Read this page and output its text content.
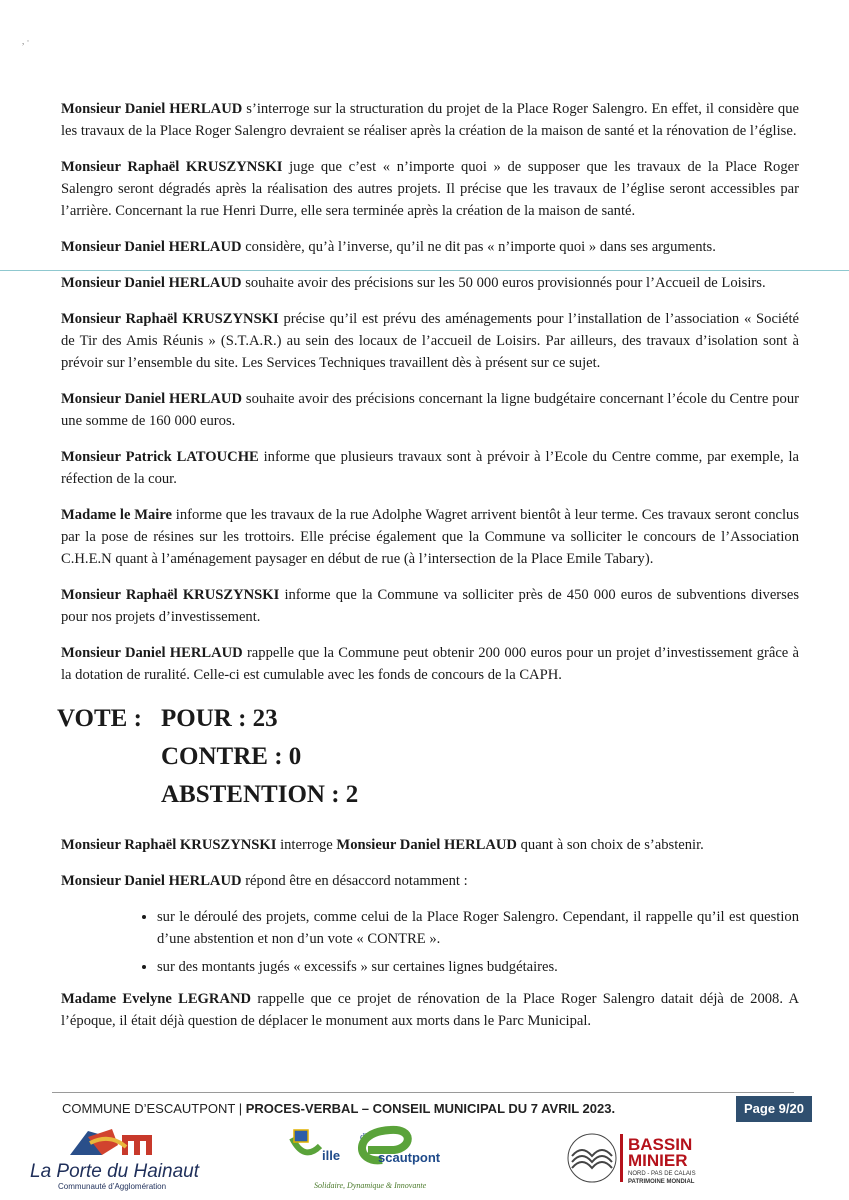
, ·

Monsieur Daniel HERLAUD s’interroge sur la structuration du projet de la Place Roger Salengro. En effet, il considère que les travaux de la Place Roger Salengro devraient se réaliser après la création de la maison de santé et la rénovation de l’église.

Monsieur Raphaël KRUSZYNSKI juge que c’est « n’importe quoi » de supposer que les travaux de la Place Roger Salengro seront dégradés après la réalisation des autres projets. Il précise que les travaux de l’église seront accessibles par l’arrière. Concernant la rue Henri Durre, elle sera terminée après la création de la maison de santé.

Monsieur Daniel HERLAUD considère, qu’à l’inverse, qu’il ne dit pas « n’importe quoi » dans ses arguments.

Monsieur Daniel HERLAUD souhaite avoir des précisions sur les 50 000 euros provisionnés pour l’Accueil de Loisirs.

Monsieur Raphaël KRUSZYNSKI précise qu’il est prévu des aménagements pour l’installation de l’association « Société de Tir des Amis Réunis » (S.T.A.R.) au sein des locaux de l’accueil de Loisirs. Par ailleurs, des travaux d’isolation sont à prévoir sur l’ensemble du site. Les Services Techniques travaillent dès à présent sur ce sujet.

Monsieur Daniel HERLAUD souhaite avoir des précisions concernant la ligne budgétaire concernant l’école du Centre pour une somme de 160 000 euros.

Monsieur Patrick LATOUCHE informe que plusieurs travaux sont à prévoir à l’Ecole du Centre comme, par exemple, la réfection de la cour.

Madame le Maire informe que les travaux de la rue Adolphe Wagret arrivent bientôt à leur terme. Ces travaux seront conclus par la pose de résines sur les trottoirs. Elle précise également que la Commune va solliciter le concours de l’Association C.H.E.N quant à l’aménagement paysager en début de rue (à l’intersection de la Place Emile Tabary).

Monsieur Raphaël KRUSZYNSKI informe que la Commune va solliciter près de 450 000 euros de subventions diverses pour nos projets d’investissement.

Monsieur Daniel HERLAUD rappelle que la Commune peut obtenir 200 000 euros pour un projet d’investissement grâce à la dotation de ruralité. Celle-ci est cumulable avec les fonds de concours de la CAPH.

VOTE : POUR : 23
CONTRE : 0
ABSTENTION : 2

Monsieur Raphaël KRUSZYNSKI interroge Monsieur Daniel HERLAUD quant à son choix de s’abstenir.

Monsieur Daniel HERLAUD répond être en désaccord notamment :

• sur le déroulé des projets, comme celui de la Place Roger Salengro. Cependant, il rappelle qu’il est question d’une abstention et non d’un vote « CONTRE ».
• sur des montants jugés « excessifs » sur certaines lignes budgétaires.

Madame Evelyne LEGRAND rappelle que ce projet de rénovation de la Place Roger Salengro datait déjà de 2008. A l’époque, il était déjà question de déplacer le monument aux morts dans le Parc Municipal.

COMMUNE D’ESCAUTPONT | PROCES-VERBAL – CONSEIL MUNICIPAL DU 7 AVRIL 2023.	Page 9/20
La Porte du Hainaut
Communauté d’Agglomération
d'
ille	scautpont
Solidaire, Dynamique & Innovante
BASSIN
MINIER
NORD - PAS DE CALAIS
PATRIMOINE MONDIAL
